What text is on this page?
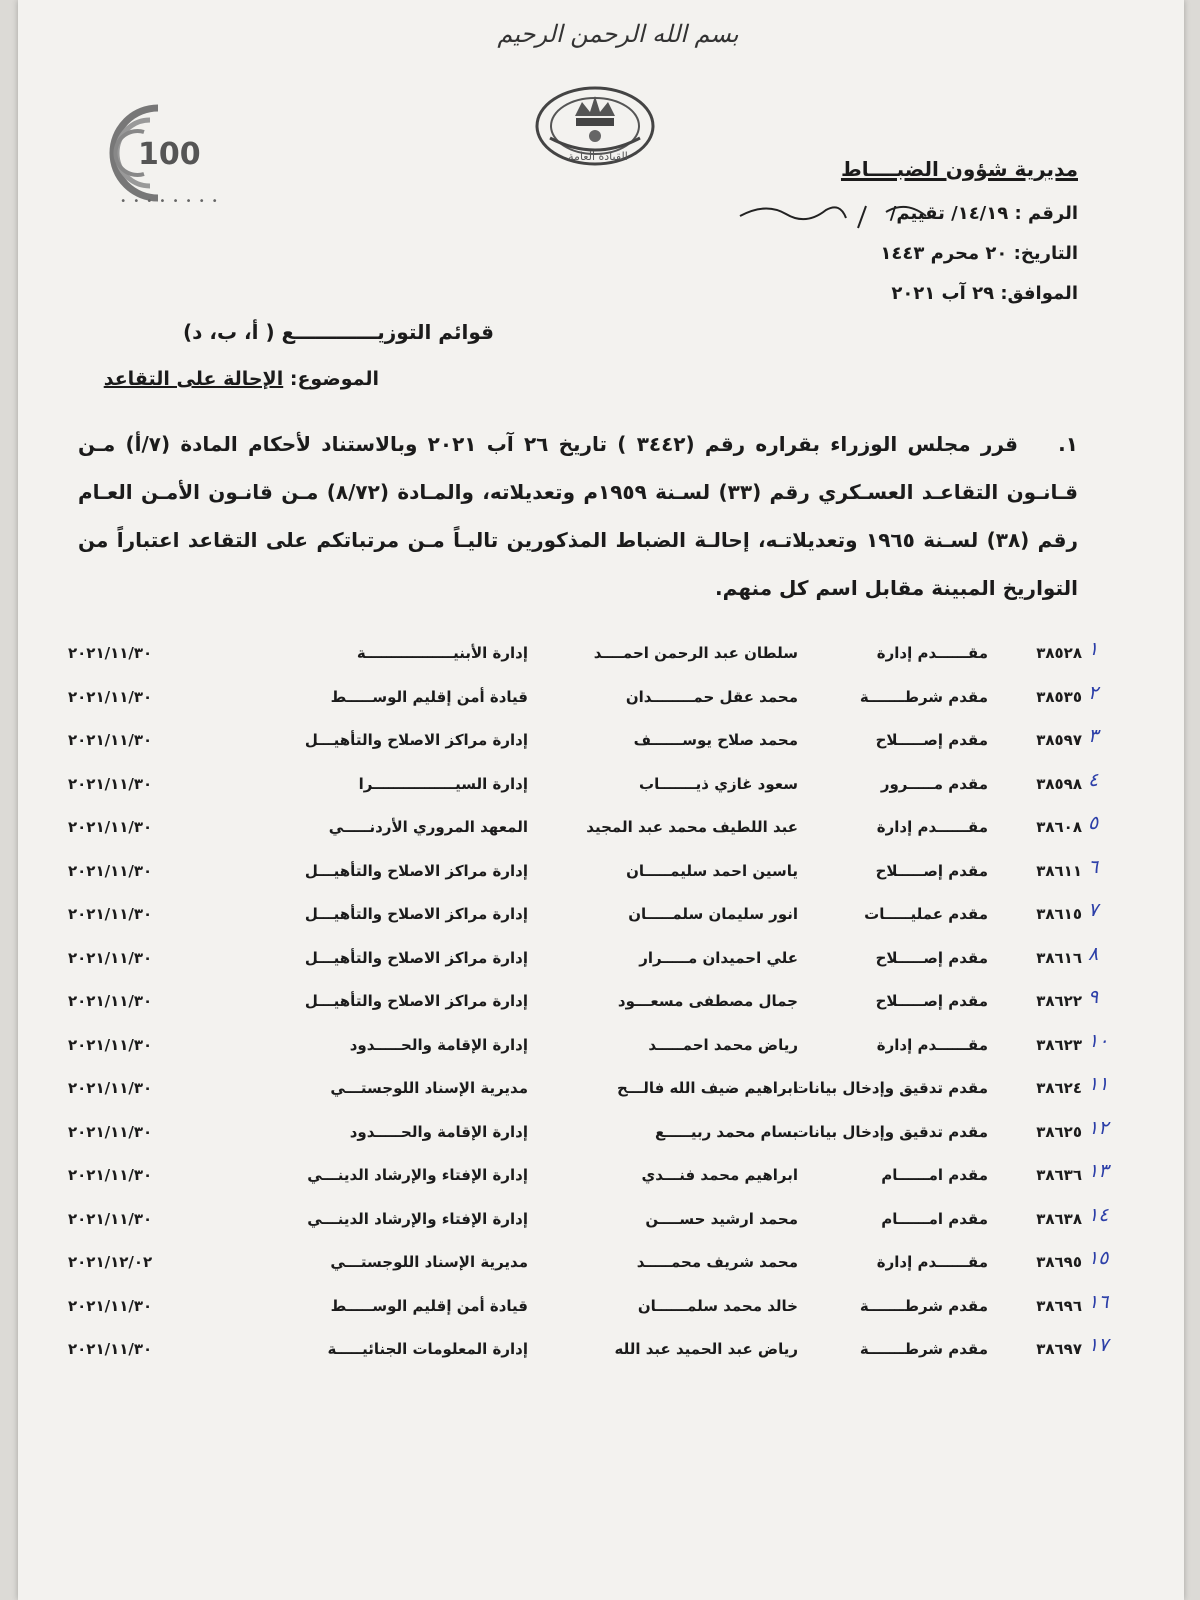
بسم الله الرحمن الرحيم
القيادة العامة
100
• • • • • • • •
مديرية شؤون الضبــــاط
الرقم : ١٤/١٩/ تقييم/
١ / ١٦٢٦
التاريخ: ٢٠ محرم ١٤٤٣
الموافق: ٢٩ آب ٢٠٢١
قوائم التوزيــــــــــــع ( أ، ب، د)
الموضوع: الإحالة على التقاعد
١.قرر مجلس الوزراء بقراره رقم (٣٤٤٢ ) تاريخ ٢٦ آب ٢٠٢١ وبالاستناد لأحكام المادة (٧/أ) مـن قـانـون التقاعـد العسـكري رقم (٣٣) لسـنة ١٩٥٩م وتعديلاته، والمـادة (٨/٧٢) مـن قانـون الأمـن العـام رقم (٣٨) لسـنة ١٩٦٥ وتعديلاتـه، إحالـة الضباط المذكورين تاليـاً مـن مرتباتكم على التقاعد اعتباراً من التواريخ المبينة مقابل اسم كل منهم.
١
٣٨٥٢٨
مقــــــدم إدارة
سلطان عبد الرحمن احمــــد
إدارة الأبنيـــــــــــــــــة
٢٠٢١/١١/٣٠
٢
٣٨٥٣٥
مقدم شرطـــــــة
محمد عقل حمــــــــدان
قيادة أمن إقليم الوســـــط
٢٠٢١/١١/٣٠
٣
٣٨٥٩٧
مقدم إصـــــلاح
محمد صلاح يوســــــف
إدارة مراكز الاصلاح والتأهيـــل
٢٠٢١/١١/٣٠
٤
٣٨٥٩٨
مقدم مـــــرور
سعود غازي ذيـــــــاب
إدارة السيــــــــــــــــرا
٢٠٢١/١١/٣٠
٥
٣٨٦٠٨
مقــــــدم إدارة
عبد اللطيف محمد عبد المجيد
المعهد المروري الأردنـــــي
٢٠٢١/١١/٣٠
٦
٣٨٦١١
مقدم إصـــــلاح
ياسين احمد سليمـــــان
إدارة مراكز الاصلاح والتأهيـــل
٢٠٢١/١١/٣٠
٧
٣٨٦١٥
مقدم عمليـــــات
انور سليمان سلمـــــان
إدارة مراكز الاصلاح والتأهيـــل
٢٠٢١/١١/٣٠
٨
٣٨٦١٦
مقدم إصـــــلاح
علي احميدان مـــــرار
إدارة مراكز الاصلاح والتأهيـــل
٢٠٢١/١١/٣٠
٩
٣٨٦٢٢
مقدم إصـــــلاح
جمال مصطفى مسعـــود
إدارة مراكز الاصلاح والتأهيـــل
٢٠٢١/١١/٣٠
١٠
٣٨٦٢٣
مقــــــدم إدارة
رياض محمد احمـــــد
إدارة الإقامة والحـــــدود
٢٠٢١/١١/٣٠
١١
٣٨٦٢٤
مقدم تدقيق وإدخال بيانات
ابراهيم ضيف الله فالـــح
مديرية الإسناد اللوجستـــي
٢٠٢١/١١/٣٠
١٢
٣٨٦٢٥
مقدم تدقيق وإدخال بيانات
بسام محمد ربيـــــع
إدارة الإقامة والحـــــدود
٢٠٢١/١١/٣٠
١٣
٣٨٦٣٦
مقدم امــــــام
ابراهيم محمد فنـــدي
إدارة الإفتاء والإرشاد الدينـــي
٢٠٢١/١١/٣٠
١٤
٣٨٦٣٨
مقدم امــــــام
محمد ارشيد حســــن
إدارة الإفتاء والإرشاد الدينـــي
٢٠٢١/١١/٣٠
١٥
٣٨٦٩٥
مقــــــدم إدارة
محمد شريف محمـــــد
مديرية الإسناد اللوجستـــي
٢٠٢١/١٢/٠٢
١٦
٣٨٦٩٦
مقدم شرطـــــــة
خالد محمد سلمــــــان
قيادة أمن إقليم الوســـــط
٢٠٢١/١١/٣٠
١٧
٣٨٦٩٧
مقدم شرطـــــــة
رياض عبد الحميد عبد الله
إدارة المعلومات الجنائيـــــة
٢٠٢١/١١/٣٠
